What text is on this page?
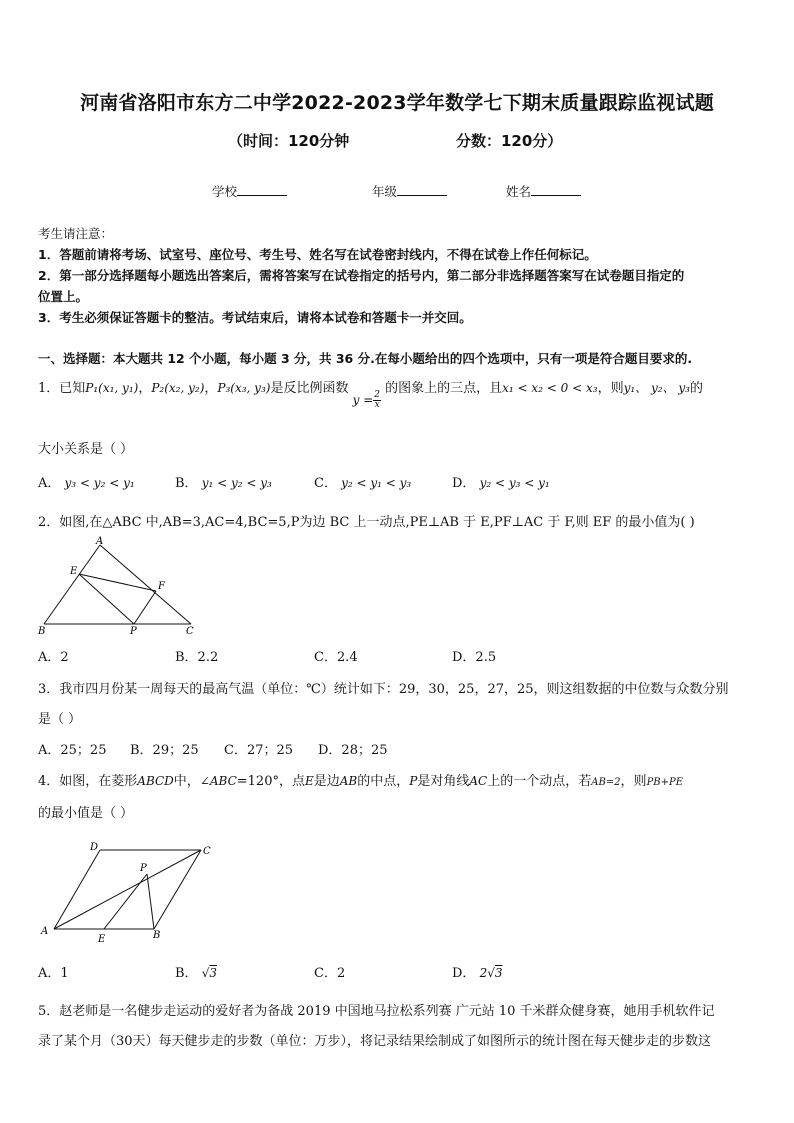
河南省洛阳市东方二中学2022-2023学年数学七下期末质量跟踪监视试题
（时间：120分钟	分数：120分）
学校	年级	姓名
考生请注意：
1．答题前请将考场、试室号、座位号、考生号、姓名写在试卷密封线内，不得在试卷上作任何标记。
2．第一部分选择题每小题选出答案后，需将答案写在试卷指定的括号内，第二部分非选择题答案写在试卷题目指定的
位置上。
3．考生必须保证答题卡的整洁。考试结束后，请将本试卷和答题卡一并交回。
一、选择题：本大题共 12 个小题，每小题 3 分，共 36 分.在每小题给出的四个选项中，只有一项是符合题目要求的.
1．已知P₁(x₁, y₁)，P₂(x₂, y₂)，P₃(x₃, y₃)是反比例函数 $y = \frac{2}{x}$
的图象上的三点，且x₁ < x₂ < 0 < x₃，则y₁、 y₂、 y₃的
大小关系是（ ）
A． y₃ < y₂ < y₁	B． y₁ < y₂ < y₃	C． y₂ < y₁ < y₃	D． y₂ < y₃ < y₁
2．如图,在△ABC 中,AB=3,AC=4,BC=5,P为边 BC 上一动点,PE⊥AB 于 E,PF⊥AC 于 F,则 EF 的最小值为( )
A
E
F
B	P	C
A．2	B．2.2	C．2.4	D．2.5
3．我市四月份某一周每天的最高气温（单位：℃）统计如下：29，30，25，27，25，则这组数据的中位数与众数分别
是（ ）
A．25；25 B．29；25 C．27；25 D．28；25
4．如图，在菱形ABCD中，∠ABC=120°，点E是边AB的中点，P是对角线AC上的一个动点，若AB=2，则PB+PE
的最小值是（ ）
D	C
P
A
E	B
A．1	B． √3	C．2	D． 2√3
5．赵老师是一名健步走运动的爱好者为备战 2019 中国地马拉松系列赛 广元站 10 千米群众健身赛，她用手机软件记
录了某个月（30天）每天健步走的步数（单位：万步），将记录结果绘制成了如图所示的统计图在每天健步走的步数这
